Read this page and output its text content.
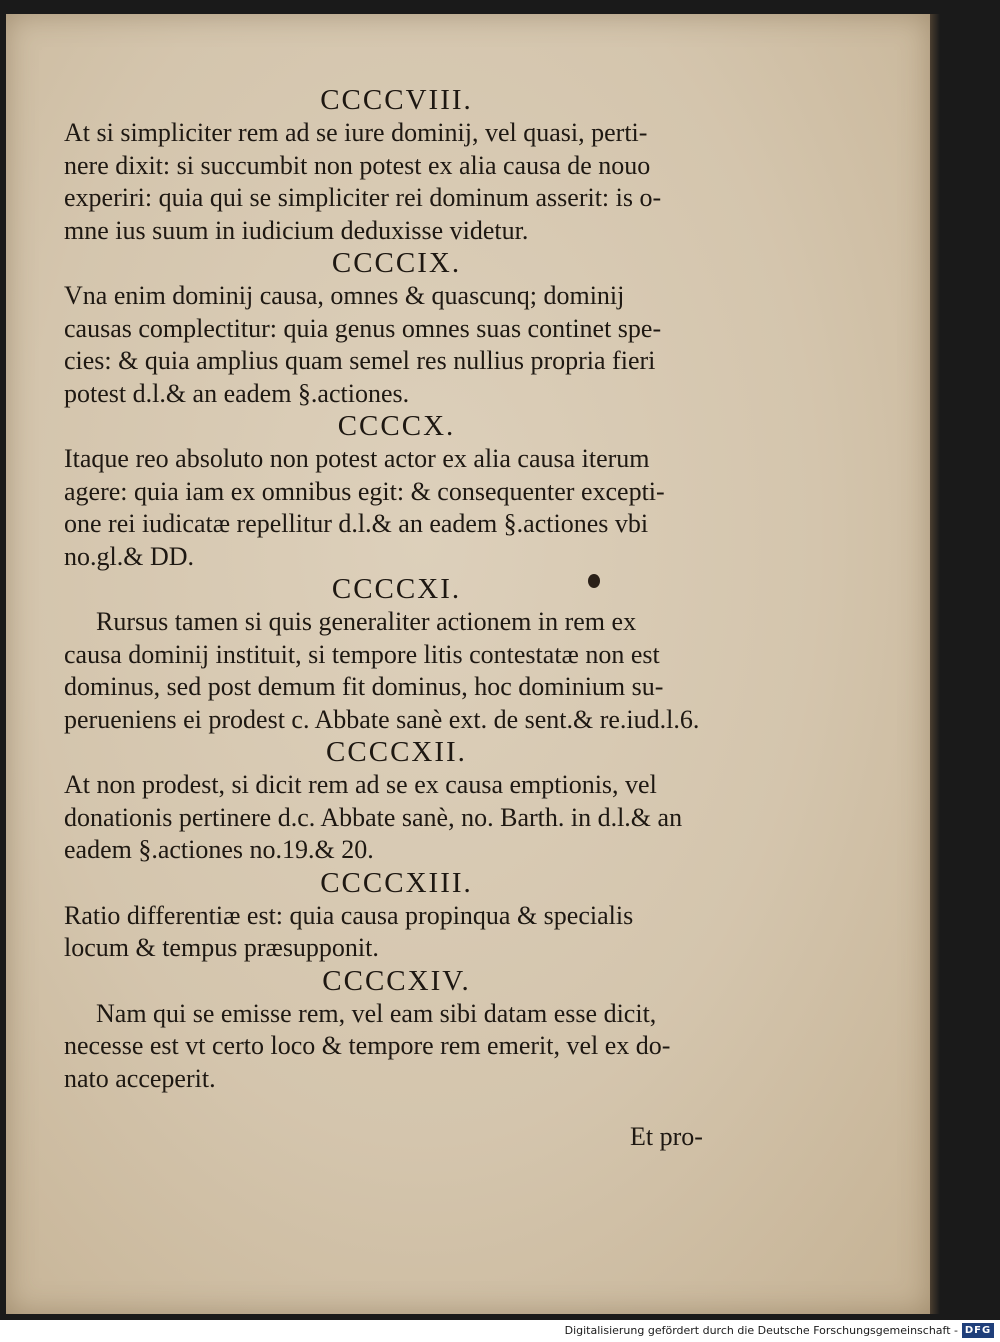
CCCCVIII.
At si simpliciter rem ad se iure dominij, vel quasi, perti-
nere dixit: si succumbit non potest ex alia causa de nouo
experiri: quia qui se simpliciter rei dominum asserit: is o-
mne ius suum in iudicium deduxisse videtur.
CCCCIX.
Vna enim dominij causa, omnes & quascunq; dominij
causas complectitur: quia genus omnes suas continet spe-
cies: & quia amplius quam semel res nullius propria fieri
potest d.l.& an eadem §.actiones.
CCCCX.
Itaque reo absoluto non potest actor ex alia causa iterum
agere: quia iam ex omnibus egit: & consequenter excepti-
one rei iudicatæ repellitur d.l.& an eadem §.actiones vbi
no.gl.& DD.
CCCCXI.
Rursus tamen si quis generaliter actionem in rem ex
causa dominij instituit, si tempore litis contestatæ non est
dominus, sed post demum fit dominus, hoc dominium su-
perueniens ei prodest c. Abbate sanè ext. de sent.& re.iud.l.6.
CCCCXII.
At non prodest, si dicit rem ad se ex causa emptionis, vel
donationis pertinere d.c. Abbate sanè, no. Barth. in d.l.& an
eadem §.actiones no.19.& 20.
CCCCXIII.
Ratio differentiæ est: quia causa propinqua & specialis
locum & tempus præsupponit.
CCCCXIV.
Nam qui se emisse rem, vel eam sibi datam esse dicit,
necesse est vt certo loco & tempore rem emerit, vel ex do-
nato acceperit.
Et pro-
Digitalisierung gefördert durch die Deutsche Forschungsgemeinschaft - DFG
